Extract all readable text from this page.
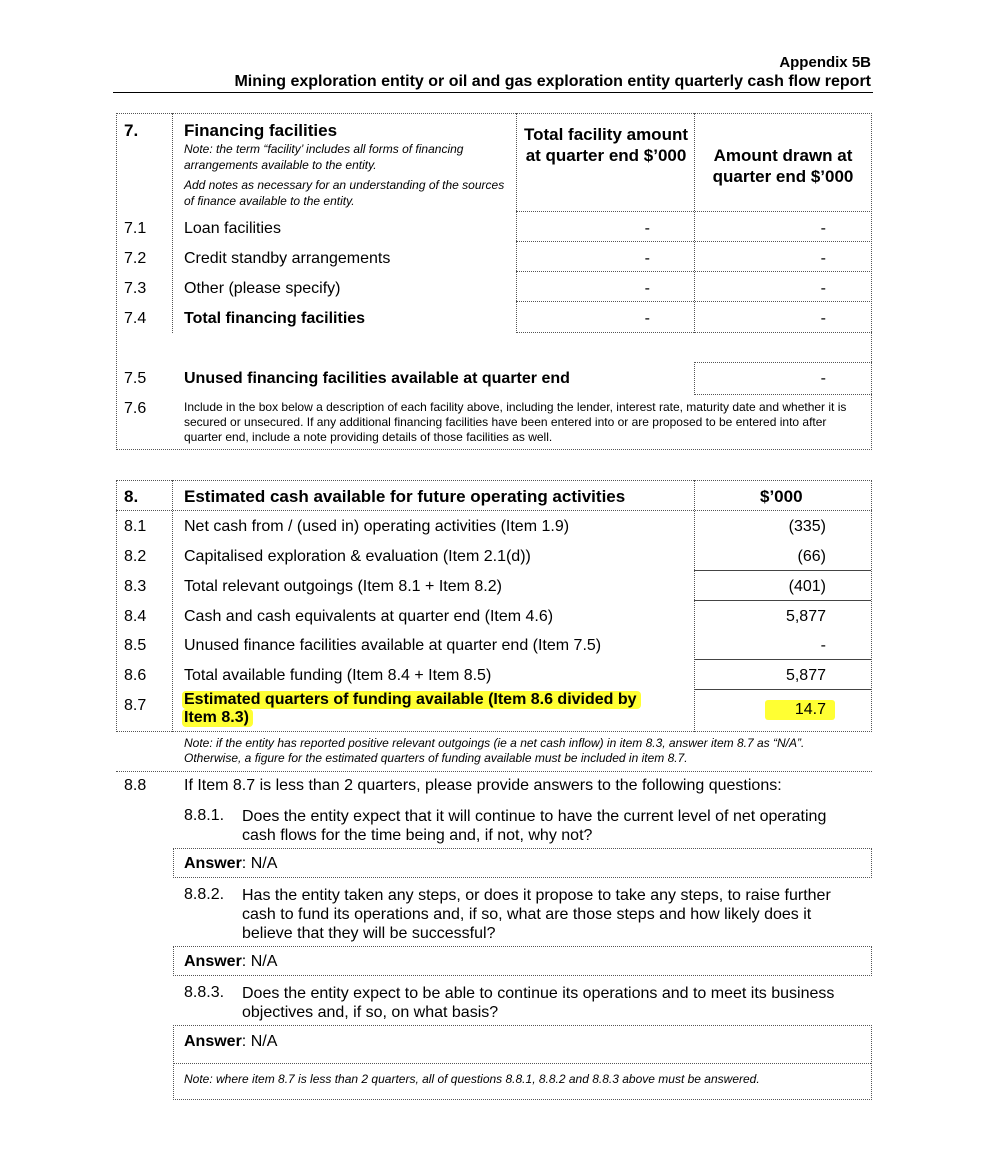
Appendix 5B
Mining exploration entity or oil and gas exploration entity quarterly cash flow report
7.	Financing facilities
Note: the term “facility’ includes all forms of financing arrangements available to the entity.
Add notes as necessary for an understanding of the sources of finance available to the entity.
Total facility amount at quarter end $’000	Amount drawn at quarter end $’000
7.1 Loan facilities	-	-
7.2 Credit standby arrangements	-	-
7.3 Other (please specify)	-	-
7.4 Total financing facilities	-	-
7.5 Unused financing facilities available at quarter end	-
7.6	Include in the box below a description of each facility above, including the lender, interest rate, maturity date and whether it is secured or unsecured. If any additional financing facilities have been entered into or are proposed to be entered into after quarter end, include a note providing details of those facilities as well.
8.	Estimated cash available for future operating activities	$’000
8.1 Net cash from / (used in) operating activities (Item 1.9)	(335)
8.2 Capitalised exploration & evaluation (Item 2.1(d))	(66)
8.3 Total relevant outgoings (Item 8.1 + Item 8.2)	(401)
8.4 Cash and cash equivalents at quarter end (Item 4.6)	5,877
8.5 Unused finance facilities available at quarter end (Item 7.5)	-
8.6 Total available funding (Item 8.4 + Item 8.5)	5,877
8.7 Estimated quarters of funding available (Item 8.6 divided by
Item 8.3)	14.7
Note: if the entity has reported positive relevant outgoings (ie a net cash inflow) in item 8.3, answer item 8.7 as “N/A”. Otherwise, a figure for the estimated quarters of funding available must be included in item 8.7.
8.8 If Item 8.7 is less than 2 quarters, please provide answers to the following questions:
8.8.1. Does the entity expect that it will continue to have the current level of net operating cash flows for the time being and, if not, why not?
Answer: N/A
8.8.2. Has the entity taken any steps, or does it propose to take any steps, to raise further cash to fund its operations and, if so, what are those steps and how likely does it believe that they will be successful?
Answer: N/A
8.8.3. Does the entity expect to be able to continue its operations and to meet its business objectives and, if so, on what basis?
Answer: N/A
Note: where item 8.7 is less than 2 quarters, all of questions 8.8.1, 8.8.2 and 8.8.3 above must be answered.
